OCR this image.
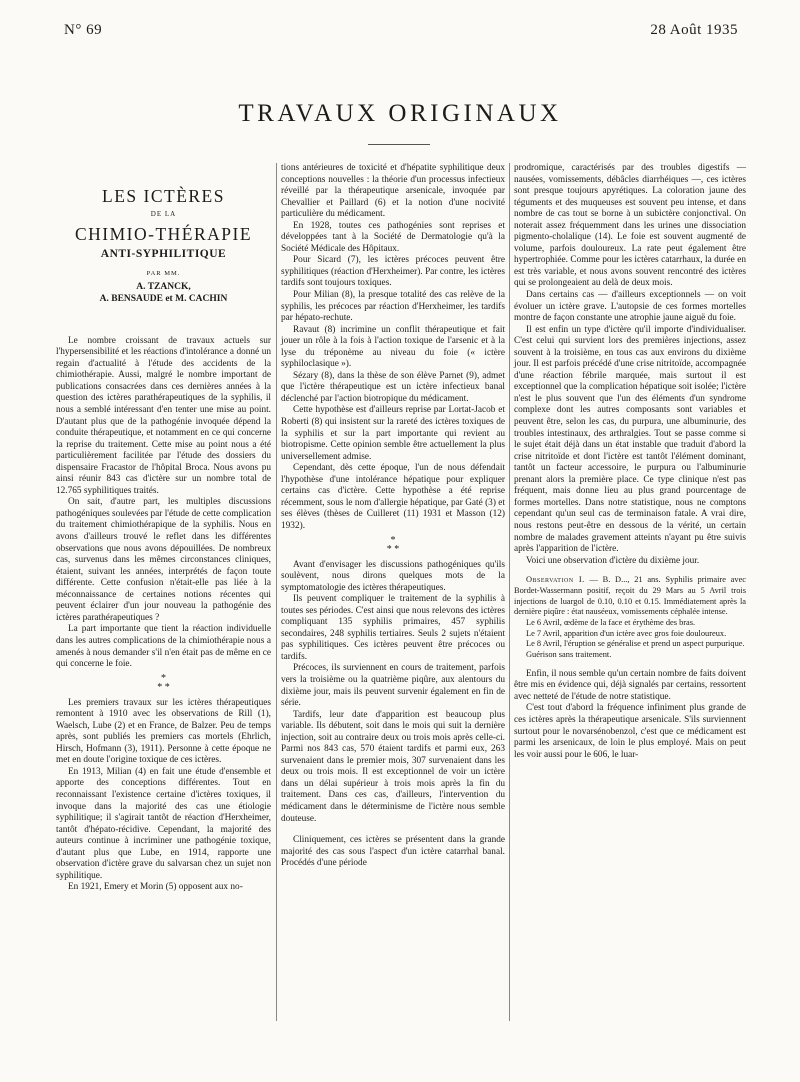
N° 69	28 Août 1935
TRAVAUX ORIGINAUX
LES ICTÈRES
DE LA
CHIMIO-THÉRAPIE
ANTI-SYPHILITIQUE
PAR MM.
A. TZANCK,
A. BENSAUDE et M. CACHIN

Le nombre croissant de travaux actuels sur l'hypersensibilité et les réactions d'intolérance a donné un regain d'actualité à l'étude des accidents de la chimiothérapie. Aussi, malgré le nombre important de publications consacrées dans ces dernières années à la question des ictères parathérapeutiques de la syphilis, il nous a semblé intéressant d'en tenter une mise au point. D'autant plus que de la pathogénie invoquée dépend la conduite thérapeutique, et notamment en ce qui concerne la reprise du traitement. Cette mise au point nous a été particulièrement facilitée par l'étude des dossiers du dispensaire Fracastor de l'hôpital Broca. Nous avons pu ainsi réunir 843 cas d'ictère sur un nombre total de 12.765 syphilitiques traités.

On sait, d'autre part, les multiples discussions pathogéniques soulevées par l'étude de cette complication du traitement chimiothérapique de la syphilis. Nous en avons d'ailleurs trouvé le reflet dans les différentes observations que nous avons dépouillées. De nombreux cas, survenus dans les mêmes circonstances cliniques, étaient, suivant les années, interprétés de façon toute différente. Cette confusion n'était-elle pas liée à la méconnaissance de certaines notions récentes qui peuvent éclairer d'un jour nouveau la pathogénie des ictères parathérapeutiques ?

La part importante que tient la réaction individuelle dans les autres complications de la chimiothérapie nous a amenés à nous demander s'il n'en était pas de même en ce qui concerne le foie.

*
* *

Les premiers travaux sur les ictères thérapeutiques remontent à 1910 avec les observations de Rill (1), Waelsch, Lube (2) et en France, de Balzer. Peu de temps après, sont publiés les premiers cas mortels (Ehrlich, Hirsch, Hofmann (3), 1911). Personne à cette époque ne met en doute l'origine toxique de ces ictères.

En 1913, Milian (4) en fait une étude d'ensemble et apporte des conceptions différentes. Tout en reconnaissant l'existence certaine d'ictères toxiques, il invoque dans la majorité des cas une étiologie syphilitique; il s'agirait tantôt de réaction d'Herxheimer, tantôt d'hépato-récidive. Cependant, la majorité des auteurs continue à incriminer une pathogénie toxique, d'autant plus que Lube, en 1914, rapporte une observation d'ictère grave du salvarsan chez un sujet non syphilitique.

En 1921, Emery et Morin (5) opposent aux no-

tions antérieures de toxicité et d'hépatite syphilitique deux conceptions nouvelles : la théorie d'un processus infectieux réveillé par la thérapeutique arsenicale, invoquée par Chevallier et Paillard (6) et la notion d'une nocivité particulière du médicament.

En 1928, toutes ces pathogénies sont reprises et développées tant à la Société de Dermatologie qu'à la Société Médicale des Hôpitaux.

Pour Sicard (7), les ictères précoces peuvent être syphilitiques (réaction d'Herxheimer). Par contre, les ictères tardifs sont toujours toxiques.

Pour Milian (8), la presque totalité des cas relève de la syphilis, les précoces par réaction d'Herxheimer, les tardifs par hépato-rechute.

Ravaut (8) incrimine un conflit thérapeutique et fait jouer un rôle à la fois à l'action toxique de l'arsenic et à la lyse du tréponème au niveau du foie (« ictère syphiloclasique »).

Sézary (8), dans la thèse de son élève Parnet (9), admet que l'ictère thérapeutique est un ictère infectieux banal déclenché par l'action biotropique du médicament.

Cette hypothèse est d'ailleurs reprise par Lortat-Jacob et Roberti (8) qui insistent sur la rareté des ictères toxiques de la syphilis et sur la part importante qui revient au biotropisme. Cette opinion semble être actuellement la plus universellement admise.

Cependant, dès cette époque, l'un de nous défendait l'hypothèse d'une intolérance hépatique pour expliquer certains cas d'ictère. Cette hypothèse a été reprise récemment, sous le nom d'allergie hépatique, par Gaté (3) et ses élèves (thèses de Cuilleret (11) 1931 et Masson (12) 1932).

*
* *

Avant d'envisager les discussions pathogéniques qu'ils soulèvent, nous dirons quelques mots de la symptomatologie des ictères thérapeutiques.

Ils peuvent compliquer le traitement de la syphilis à toutes ses périodes. C'est ainsi que nous relevons des ictères compliquant 135 syphilis primaires, 457 syphilis secondaires, 248 syphilis tertiaires. Seuls 2 sujets n'étaient pas syphilitiques. Ces ictères peuvent être précoces ou tardifs.

Précoces, ils surviennent en cours de traitement, parfois vers la troisième ou la quatrième piqûre, aux alentours du dixième jour, mais ils peuvent survenir également en fin de série.

Tardifs, leur date d'apparition est beaucoup plus variable. Ils débutent, soit dans le mois qui suit la dernière injection, soit au contraire deux ou trois mois après celle-ci. Parmi nos 843 cas, 570 étaient tardifs et parmi eux, 263 survenaient dans le premier mois, 307 survenaient dans les deux ou trois mois. Il est exceptionnel de voir un ictère dans un délai supérieur à trois mois après la fin du traitement. Dans ces cas, d'ailleurs, l'intervention du médicament dans le déterminisme de l'ictère nous semble douteuse.

Cliniquement, ces ictères se présentent dans la grande majorité des cas sous l'aspect d'un ictère catarrhal banal. Procédés d'une période

prodromique, caractérisés par des troubles digestifs — nausées, vomissements, débâcles diarrhéiques —, ces ictères sont presque toujours apyrétiques. La coloration jaune des téguments et des muqueuses est souvent peu intense, et dans nombre de cas tout se borne à un subictère conjonctival. On noterait assez fréquemment dans les urines une dissociation pigmento-cholalique (14). Le foie est souvent augmenté de volume, parfois douloureux. La rate peut également être hypertrophiée. Comme pour les ictères catarrhaux, la durée en est très variable, et nous avons souvent rencontré des ictères qui se prolongeaient au delà de deux mois.

Dans certains cas — d'ailleurs exceptionnels — on voit évoluer un ictère grave. L'autopsie de ces formes mortelles montre de façon constante une atrophie jaune aiguë du foie.

Il est enfin un type d'ictère qu'il importe d'individualiser. C'est celui qui survient lors des premières injections, assez souvent à la troisième, en tous cas aux environs du dixième jour. Il est parfois précédé d'une crise nitritoïde, accompagnée d'une réaction fébrile marquée, mais surtout il est exceptionnel que la complication hépatique soit isolée; l'ictère n'est le plus souvent que l'un des éléments d'un syndrome complexe dont les autres composants sont variables et peuvent être, selon les cas, du purpura, une albuminurie, des troubles intestinaux, des arthralgies. Tout se passe comme si le sujet était déjà dans un état instable que traduit d'abord la crise nitritoïde et dont l'ictère est tantôt l'élément dominant, tantôt un facteur accessoire, le purpura ou l'albuminurie prenant alors la première place. Ce type clinique n'est pas fréquent, mais donne lieu au plus grand pourcentage de formes mortelles. Dans notre statistique, nous ne comptons cependant qu'un seul cas de terminaison fatale. A vrai dire, nous restons peut-être en dessous de la vérité, un certain nombre de malades gravement atteints n'ayant pu être suivis après l'apparition de l'ictère.

Voici une observation d'ictère du dixième jour.

Observation I. — B. D..., 21 ans. Syphilis primaire avec Bordet-Wassermann positif, reçoit du 29 Mars au 5 Avril trois injections de luargol de 0.10, 0.10 et 0.15. Immédiatement après la dernière piqûre : état nauséeux, vomissements céphalée intense.

Le 6 Avril, œdème de la face et érythème des bras.

Le 7 Avril, apparition d'un ictère avec gros foie douloureux.

Le 8 Avril, l'éruption se généralise et prend un aspect purpurique.

Guérison sans traitement.

Enfin, il nous semble qu'un certain nombre de faits doivent être mis en évidence qui, déjà signalés par certains, ressortent avec netteté de l'étude de notre statistique.

C'est tout d'abord la fréquence infiniment plus grande de ces ictères après la thérapeutique arsenicale. S'ils surviennent surtout pour le novarsénobenzol, c'est que ce médicament est parmi les arsenicaux, de loin le plus employé. Mais on peut les voir aussi pour le 606, le luar-
